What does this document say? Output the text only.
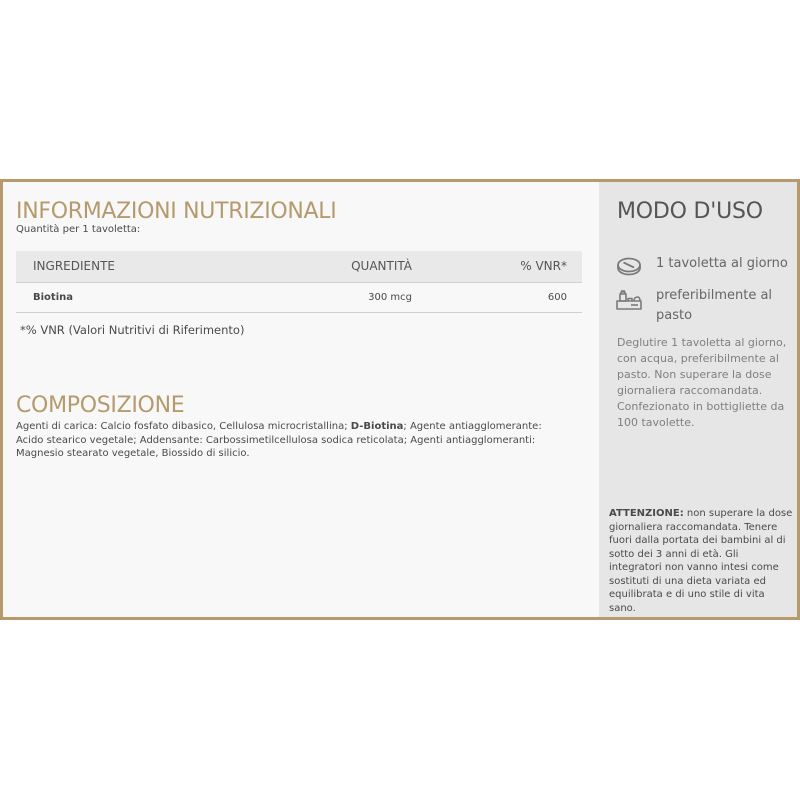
INFORMAZIONI NUTRIZIONALI
Quantità per 1 tavoletta:
INGREDIENTE	QUANTITÀ	% VNR*
Biotina	300 mcg	600
*% VNR (Valori Nutritivi di Riferimento)
COMPOSIZIONE

Agenti di carica: Calcio fosfato dibasico, Cellulosa microcristallina; D-Biotina; Agente antiagglomerante: Acido stearico vegetale; Addensante: Carbossimetilcellulosa sodica reticolata; Agenti antiagglomeranti: Magnesio stearato vegetale, Biossido di silicio.

MODO D'USO
1 tavoletta al giorno
preferibilmente al pasto

Deglutire 1 tavoletta al giorno, con acqua, preferibilmente al pasto. Non superare la dose giornaliera raccomandata. Confezionato in bottigliette da 100 tavolette.

ATTENZIONE: non superare la dose giornaliera raccomandata. Tenere fuori dalla portata dei bambini al di sotto dei 3 anni di età. Gli integratori non vanno intesi come sostituti di una dieta variata ed equilibrata e di uno stile di vita sano.
